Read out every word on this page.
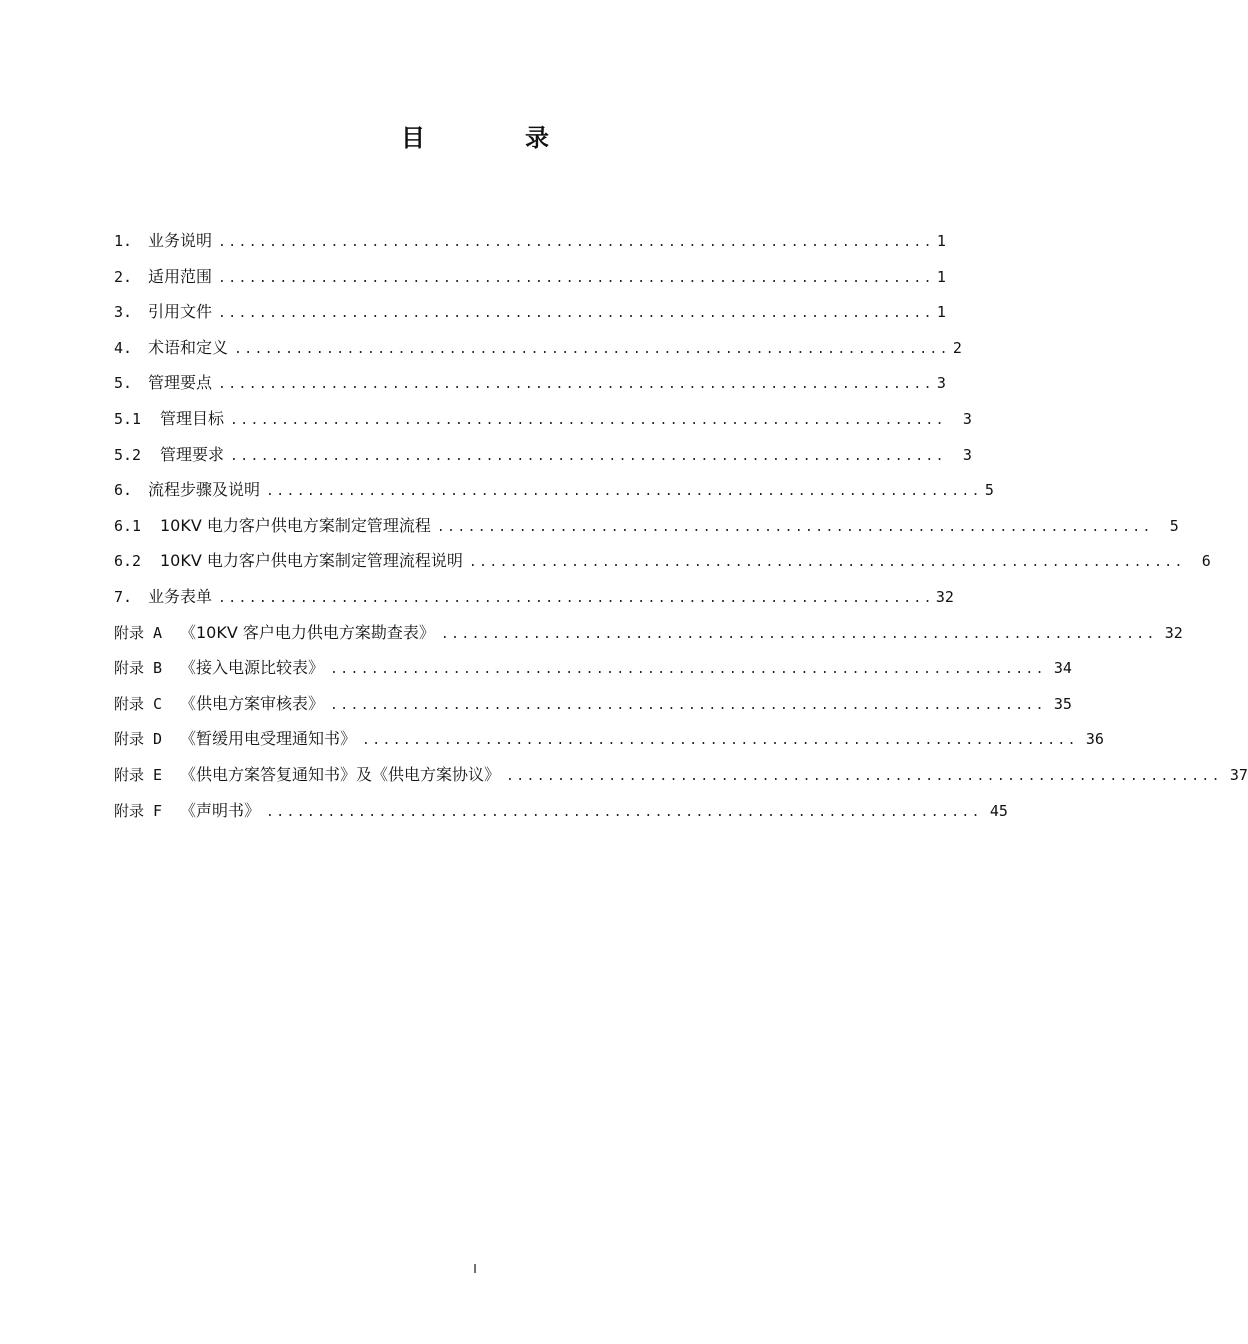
目　录
1. 业务说明 ...................................................................... 1
2. 适用范围 ...................................................................... 1
3. 引用文件 ...................................................................... 1
4. 术语和定义 ...................................................................... 2
5. 管理要点 ...................................................................... 3
5.1	管理目标 ......................................................................	3
5.2	管理要求 ......................................................................	3
6. 流程步骤及说明 ...................................................................... 5
6.1	10KV 电力客户供电方案制定管理流程 ......................................................................	5
6.2	10KV 电力客户供电方案制定管理流程说明 ......................................................................	6
7. 业务表单 ...................................................................... 32
附录 A	《10KV 客户电力供电方案勘查表》 ...................................................................... 32
附录 B	《接入电源比较表》 ...................................................................... 34
附录 C	《供电方案审核表》 ...................................................................... 35
附录 D	《暂缓用电受理通知书》 ...................................................................... 36
附录 E	《供电方案答复通知书》及《供电方案协议》 ...................................................................... 37
附录 F	《声明书》 ...................................................................... 45
I
